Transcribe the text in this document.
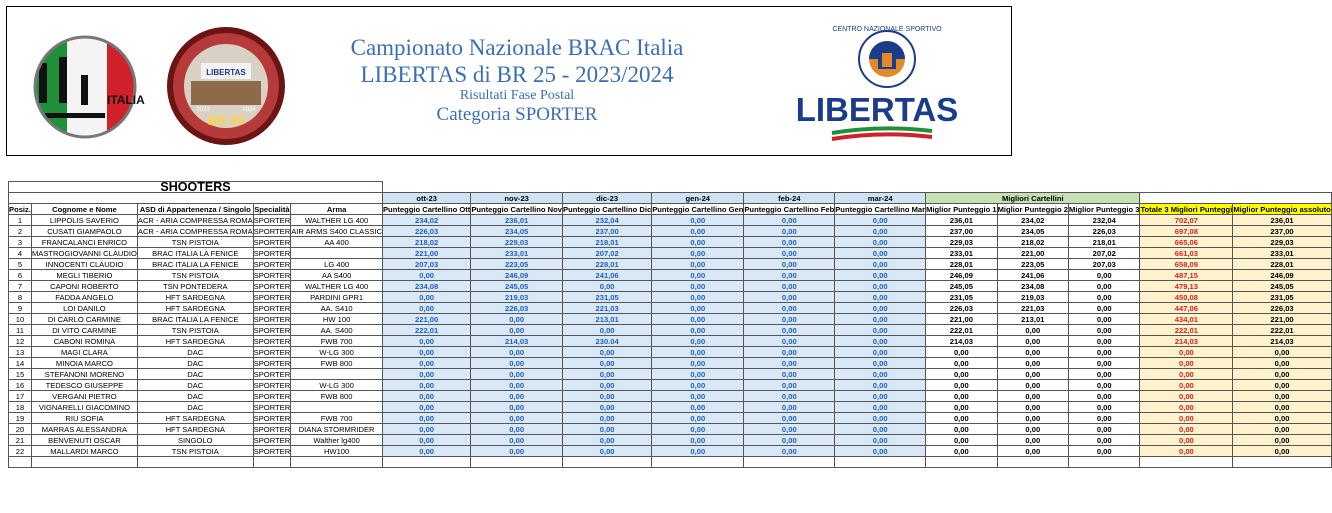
ITALIA
LIBERTAS
BR 25
2023	2024
Campionato Nazionale BRAC Italia
LIBERTAS di BR 25 - 2023/2024
Risultati Fase Postal
Categoria SPORTER
CENTRO NAZIONALE SPORTIVO
LIBERTAS
SHOOTERS															
					ott-23	nov-23	dic-23	gen-24	feb-24	mar-24	Migliori Cartellini				
Posiz.	Cognome e Nome	ASD di Appartenenza / Singolo	Specialità	Arma	Punteggio Cartellino Ott	Punteggio Cartellino Nov	Punteggio Cartellino Dic	Punteggio Cartellino Gen	Punteggio Cartellino Feb	Punteggio Cartellino Mar	Miglior Punteggio 1	Miglior Punteggio 2	Miglior Punteggio 3	Totale 3 Migliori Punteggi	Miglior Punteggio assoluto
1	LIPPOLIS SAVERIO	ACR - ARIA COMPRESSA ROMA	SPORTER	WALTHER LG 400	234,02	236,01	232,04	0,00	0,00	0,00	236,01	234,02	232,04	702,07	236,01
2	CUSATI GIAMPAOLO	ACR - ARIA COMPRESSA ROMA	SPORTER	AIR ARMS S400 CLASSIC	226,03	234,05	237,00	0,00	0,00	0,00	237,00	234,05	226,03	697,08	237,00
3	FRANCALANCI ENRICO	TSN PISTOIA	SPORTER	AA 400	218,02	229,03	218,01	0,00	0,00	0,00	229,03	218,02	218,01	665,06	229,03
4	MASTROGIOVANNI CLAUDIO	BRAC ITALIA LA FENICE	SPORTER		221,00	233,01	207,02	0,00	0,00	0,00	233,01	221,00	207,02	661,03	233,01
5	INNOCENTI CLAUDIO	BRAC ITALIA LA FENICE	SPORTER	LG 400	207,03	223,05	228,01	0,00	0,00	0,00	228,01	223,05	207,03	658,09	228,01
6	MEGLI TIBERIO	TSN PISTOIA	SPORTER	AA S400	0,00	246,09	241,06	0,00	0,00	0,00	246,09	241,06	0,00	487,15	246,09
7	CAPONI ROBERTO	TSN PONTEDERA	SPORTER	WALTHER LG 400	234,08	245,05	0,00	0,00	0,00	0,00	245,05	234,08	0,00	479,13	245,05
8	FADDA ANGELO	HFT SARDEGNA	SPORTER	PARDINI GPR1	0,00	219,03	231,05	0,00	0,00	0,00	231,05	219,03	0,00	450,08	231,05
9	LOI DANILO	HFT SARDEGNA	SPORTER	AA. S410	0,00	226,03	221,03	0,00	0,00	0,00	226,03	221,03	0,00	447,06	226,03
10	DI CARLO CARMINE	BRAC ITALIA LA FENICE	SPORTER	HW 100	221,00	0,00	213,01	0,00	0,00	0,00	221,00	213,01	0,00	434,01	221,00
11	DI VITO CARMINE	TSN PISTOIA	SPORTER	AA. S400	222,01	0,00	0,00	0,00	0,00	0,00	222,01	0,00	0,00	222,01	222,01
12	CABONI ROMINA	HFT SARDEGNA	SPORTER	FWB 700	0,00	214,03	230.04	0,00	0,00	0,00	214,03	0,00	0,00	214,03	214,03
13	MAGI CLARA	DAC	SPORTER	W-LG 300	0,00	0,00	0,00	0,00	0,00	0,00	0,00	0,00	0,00	0,00	0,00
14	MINOIA MARCO	DAC	SPORTER	FWB 800	0,00	0,00	0,00	0,00	0,00	0,00	0,00	0,00	0,00	0,00	0,00
15	STEFANONI MORENO	DAC	SPORTER		0,00	0,00	0,00	0,00	0,00	0,00	0,00	0,00	0,00	0,00	0,00
16	TEDESCO GIUSEPPE	DAC	SPORTER	W-LG 300	0,00	0,00	0,00	0,00	0,00	0,00	0,00	0,00	0,00	0,00	0,00
17	VERGANI PIETRO	DAC	SPORTER	FWB 800	0,00	0,00	0,00	0,00	0,00	0,00	0,00	0,00	0,00	0,00	0,00
18	VIGNARELLI GIACOMINO	DAC	SPORTER		0,00	0,00	0,00	0,00	0,00	0,00	0,00	0,00	0,00	0,00	0,00
19	RIU SOFIA	HFT SARDEGNA	SPORTER	FWB 700	0,00	0,00	0,00	0,00	0,00	0,00	0,00	0,00	0,00	0,00	0,00
20	MARRAS ALESSANDRA	HFT SARDEGNA	SPORTER	DIANA STORMRIDER	0,00	0,00	0,00	0,00	0,00	0,00	0,00	0,00	0,00	0,00	0,00
21	BENVENUTI OSCAR	SINGOLO	SPORTER	Walther lg400	0,00	0,00	0,00	0,00	0,00	0,00	0,00	0,00	0,00	0,00	0,00
22	MALLARDI MARCO	TSN PISTOIA	SPORTER	HW100	0,00	0,00	0,00	0,00	0,00	0,00	0,00	0,00	0,00	0,00	0,00
